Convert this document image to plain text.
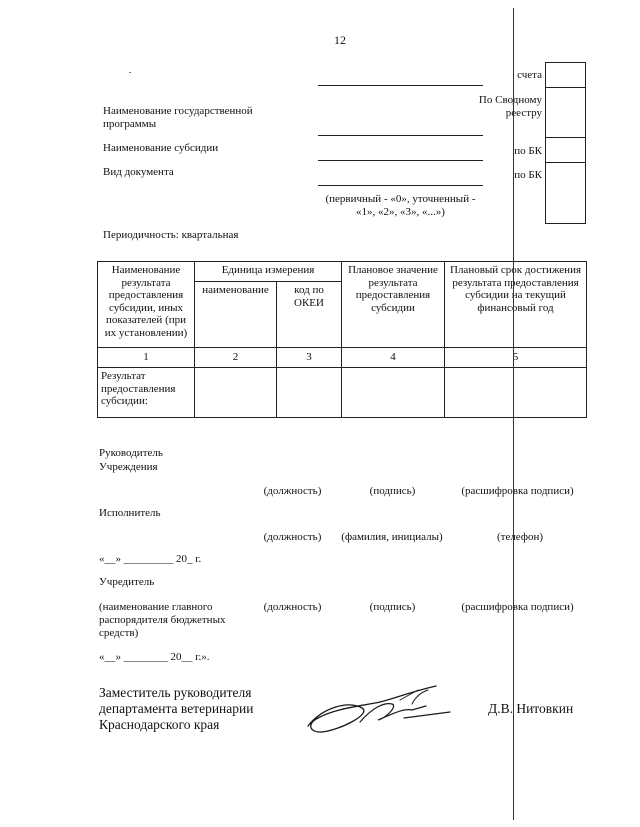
12
Наименование государственной программы
Наименование субсидии
Вид документа
(первичный - «0», уточненный - «1», «2», «3», «...»)
счета
По Сводному реестру
по БК
по БК
Периодичность: квартальная
Наименование результата предоставления субсидии, иных показателей (при их установлении)	Единица измерения		Плановое значение результата предоставления субсидии	Плановый срок достижения результата предоставления субсидии на текущий финансовый год
	наименование	код по ОКЕИ		
1	2	3	4	5
Результат предоставления субсидии:				
Руководитель Учреждения
(должность)	(подпись)	(расшифровка подписи)
Исполнитель
(должность)	(фамилия, инициалы)	(телефон)
«__» _________ 20_ г.
Учредитель
(наименование главного распорядителя бюджетных средств)
(должность)	(подпись)	(расшифровка подписи)
«__» ________ 20__ г.».
Заместитель руководителя департамента ветеринарии Краснодарского края
Д.В. Нитовкин
